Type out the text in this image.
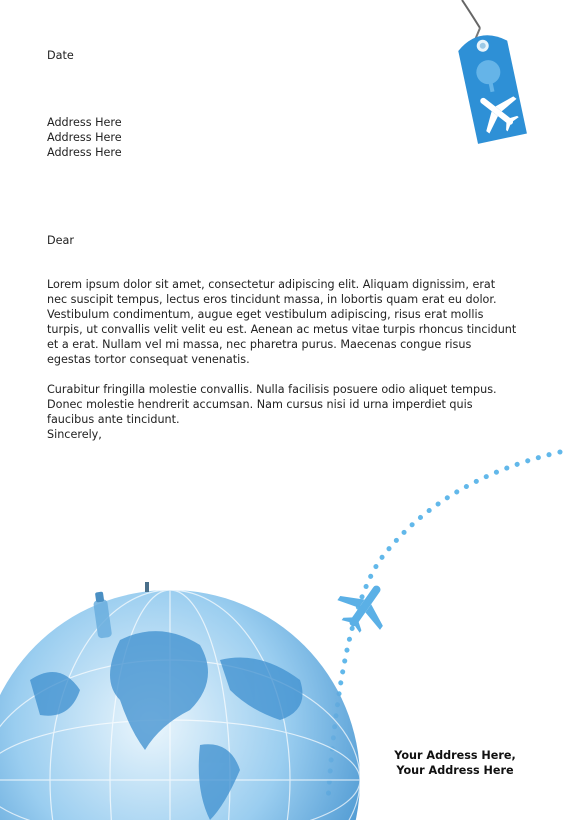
Date
Address Here
Address Here
Address Here
Dear

Lorem ipsum dolor sit amet, consectetur adipiscing elit. Aliquam dignissim, erat nec suscipit tempus, lectus eros tincidunt massa, in lobortis quam erat eu dolor. Vestibulum condimentum, augue eget vestibulum adipiscing, risus erat mollis turpis, ut convallis velit velit eu est. Aenean ac metus vitae turpis rhoncus tincidunt et a erat. Nullam vel mi massa, nec pharetra purus. Maecenas congue risus egestas tortor consequat venenatis.

Curabitur fringilla molestie convallis. Nulla facilisis posuere odio aliquet tempus. Donec molestie hendrerit accumsan. Nam cursus nisi id urna imperdiet quis faucibus ante tincidunt.

Sincerely,
Your Address Here,
Your Address Here
